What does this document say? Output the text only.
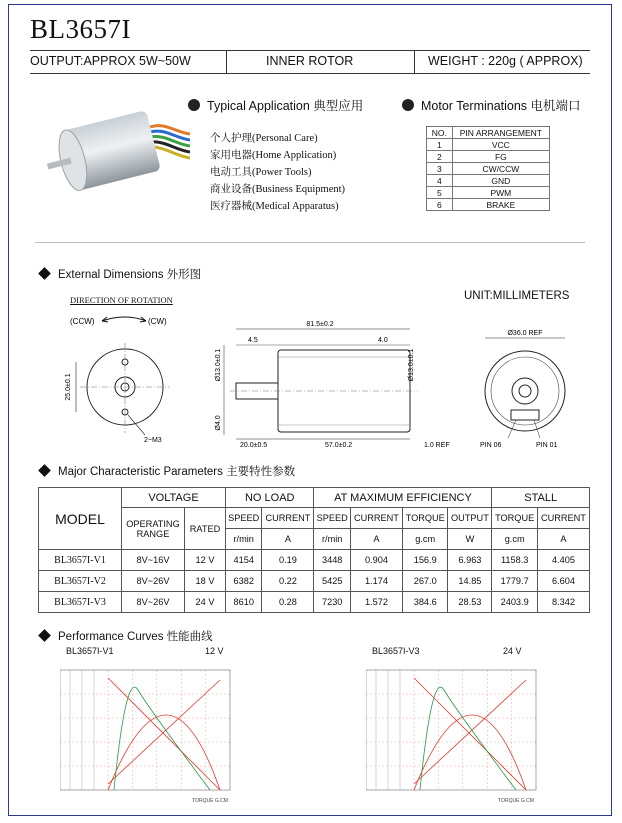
BL3657I
OUTPUT:APPROX 5W~50W	INNER ROTOR	WEIGHT : 220g ( APPROX)
Typical Application 典型应用
个人护理(Personal Care)
家用电器(Home Application)
电动工具(Power Tools)
商业设备(Business Equipment)
医疗器械(Medical Apparatus)
Motor Terminations 电机端口
NO.	PIN ARRANGEMENT
1	VCC
2	FG
3	CW/CCW
4	GND
5	PWM
6	BRAKE
External Dimensions 外形图
UNIT:MILLIMETERS
DIRECTION OF ROTATION
(CCW)	(CW)
25.0±0.1
2−M3
81.5±0.2
4.5	4.0
Ø13.0±0.1
Ø4.0
Ø13.0±0.1
20.0±0.5	57.0±0.2	1.0 REF
Ø36.0 REF
PIN 06	PIN 01
Major Characteristic Parameters 主要特性参数
MODEL	VOLTAGE		NO LOAD		AT MAXIMUM EFFICIENCY				STALL	

	OPERATING
RANGE	RATED	SPEED	CURRENT	SPEED	CURRENT	TORQUE	OUTPUT	TORQUE	CURRENT
			r/min	A	r/min	A	g.cm	W	g.cm	A
BL3657I-V1	8V~16V	12 V	4154	0.19	3448	0.904	156.9	6.963	1158.3	4.405
BL3657I-V2	8V~26V	18 V	6382	0.22	5425	1.174	267.0	14.85	1779.7	6.604
BL3657I-V3	8V~26V	24 V	8610	0.28	7230	1.572	384.6	28.53	2403.9	8.342
Performance Curves 性能曲线
BL3657I-V1	12 V	BL3657I-V3	24 V
TORQUE G.CM	TORQUE G.CM
